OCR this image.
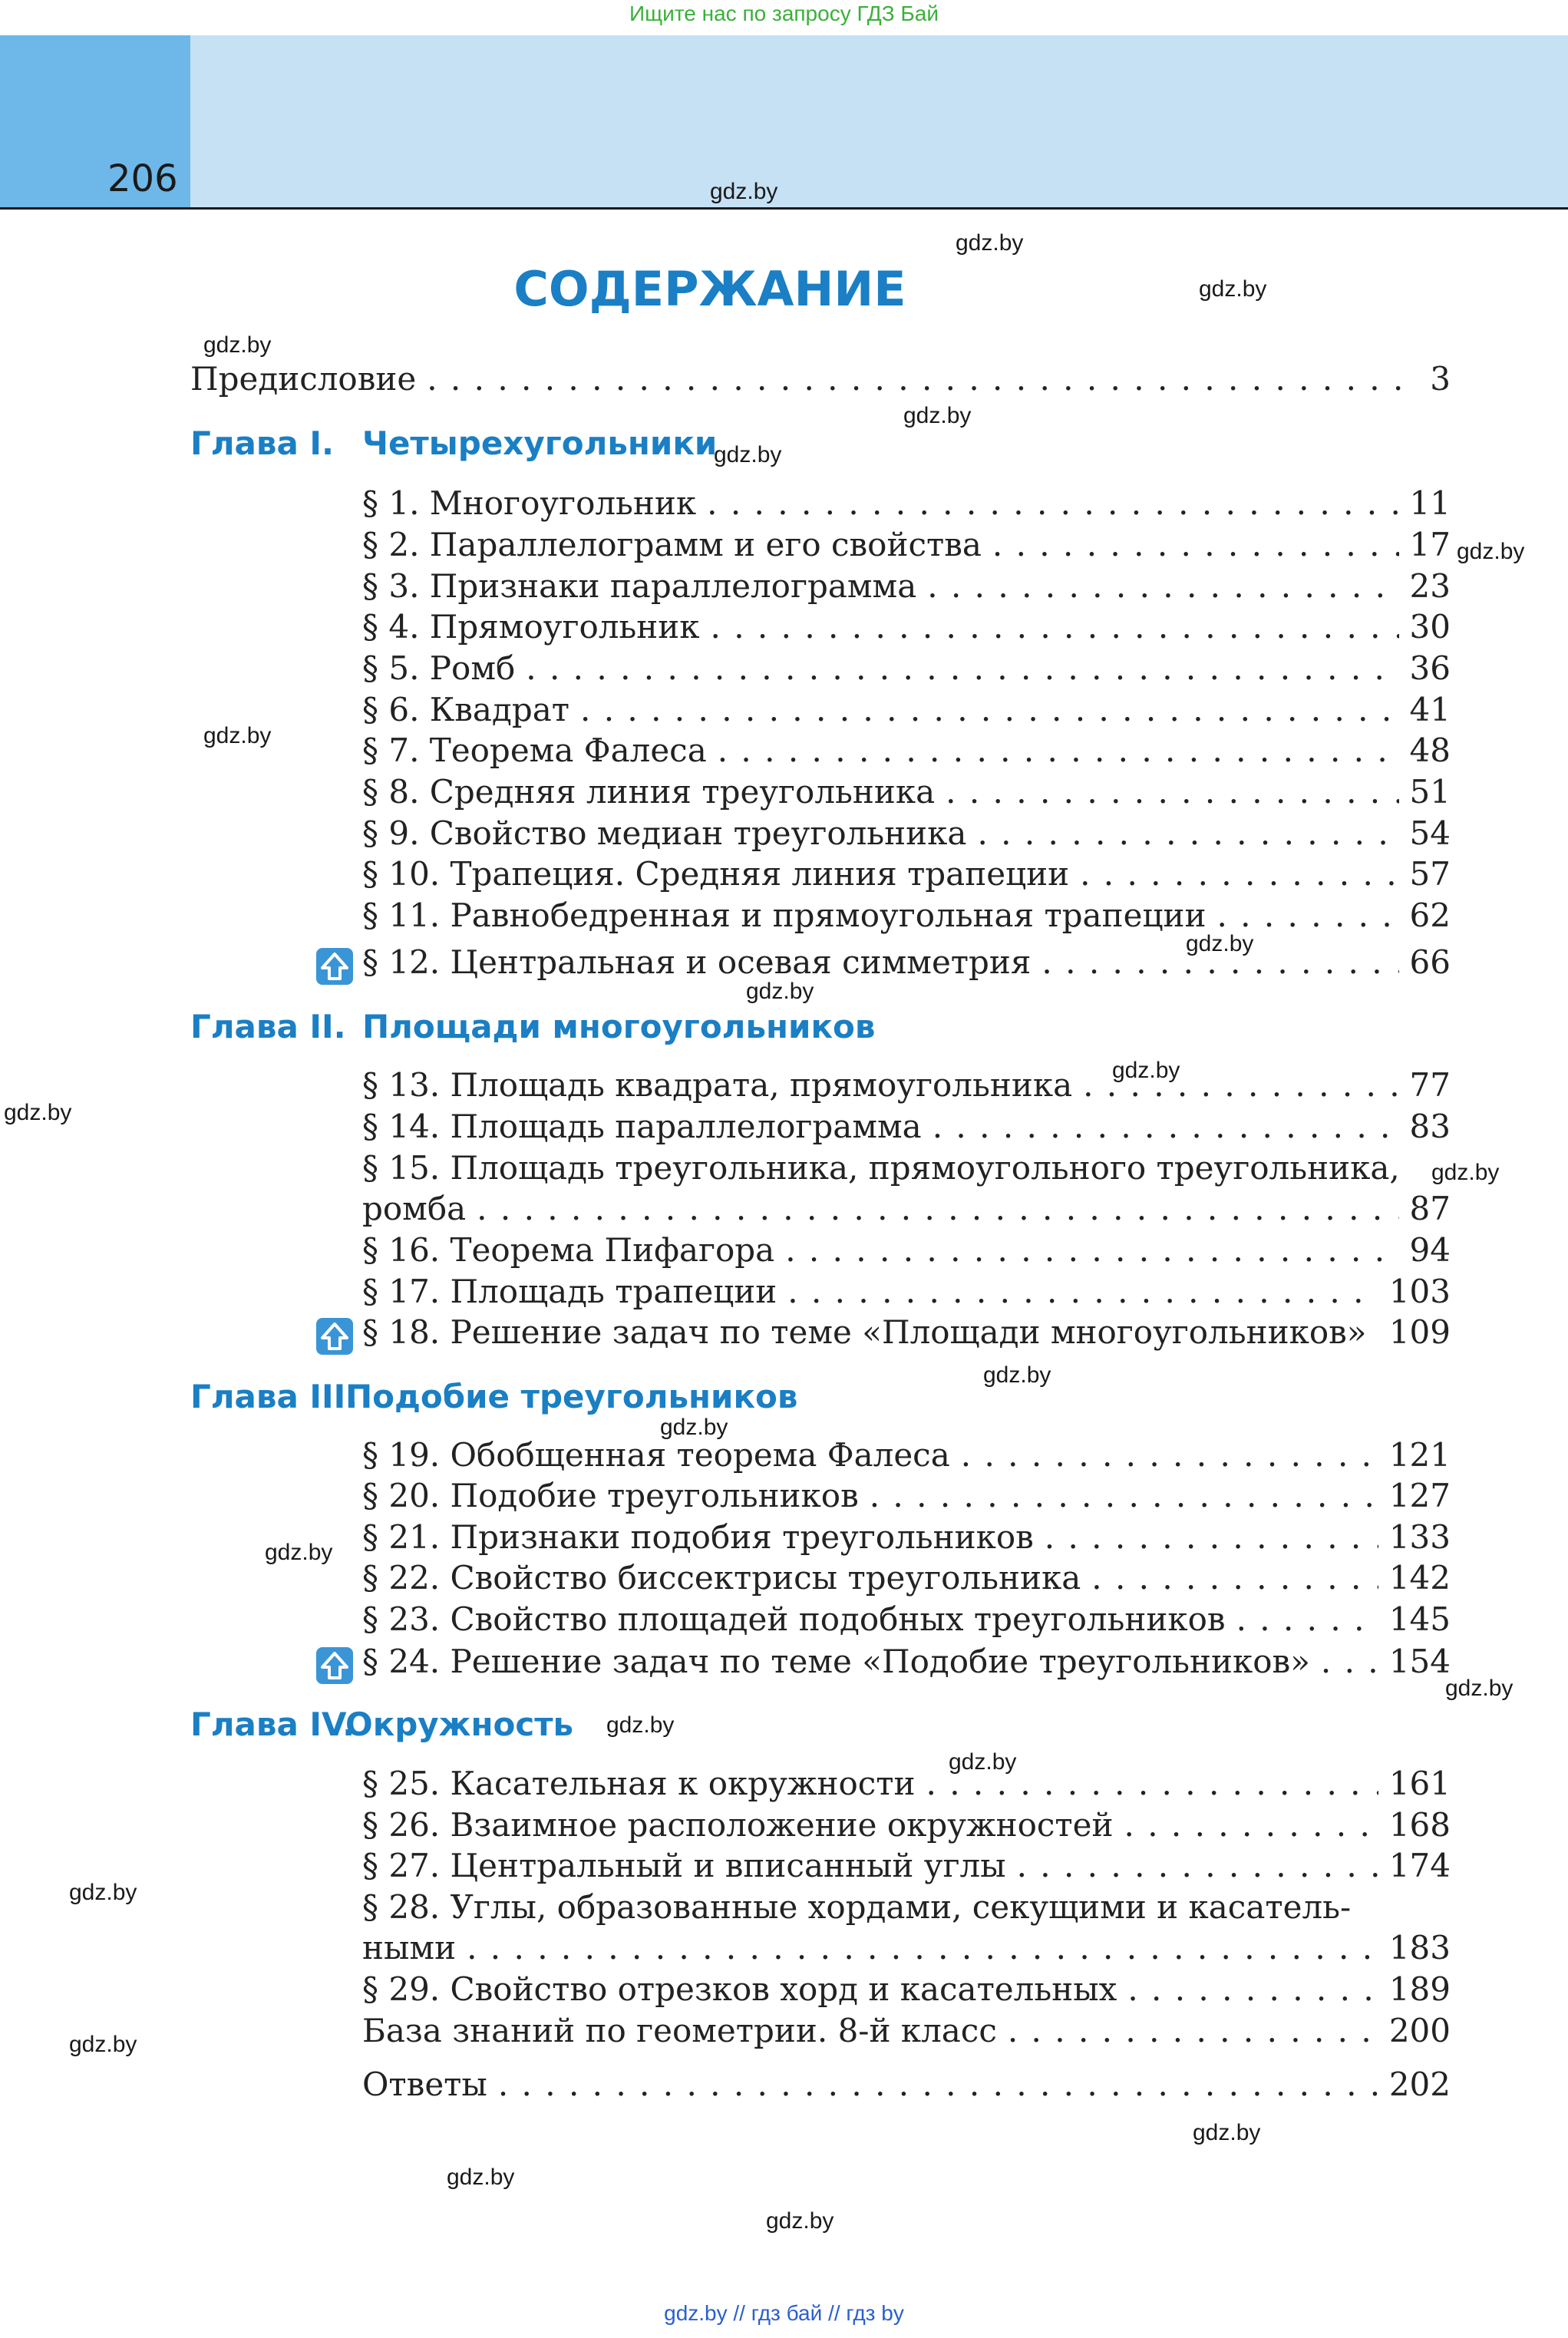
Ищите нас по запросу ГДЗ Бай
206
СОДЕРЖАНИЕ
Предисловие . . .	3
Глава I. Четырехугольники
§ 1. Многоугольник . . .	11
§ 2. Параллелограмм и его свойства . . .	17
§ 3. Признаки параллелограмма . . .	23
§ 4. Прямоугольник . . .	30
§ 5. Ромб . . .	36
§ 6. Квадрат . . .	41
§ 7. Теорема Фалеса . . .	48
§ 8. Средняя линия треугольника . . .	51
§ 9. Свойство медиан треугольника . . .	54
§ 10. Трапеция. Средняя линия трапеции . . .	57
§ 11. Равнобедренная и прямоугольная трапеции . . .	62
§ 12. Центральная и осевая симметрия . . .	66
Глава II. Площади многоугольников
§ 13. Площадь квадрата, прямоугольника . . .	77
§ 14. Площадь параллелограмма . . .	83
§ 15. Площадь треугольника, прямоугольного треугольника,
ромба . . .	87
§ 16. Теорема Пифагора . . .	94
§ 17. Площадь трапеции . . .	103
§ 18. Решение задач по теме «Площади многоугольников» . . . 109
Глава III.
Подобие треугольников
§ 19. Обобщенная теорема Фалеса . . .	121
§ 20. Подобие треугольников . . .	127
§ 21. Признаки подобия треугольников . . .	133
§ 22. Свойство биссектрисы треугольника . . .	142
§ 23. Свойство площадей подобных треугольников . . .	145
§ 24. Решение задач по теме «Подобие треугольников» . . . 154
Глава IV.
Окружность
§ 25. Касательная к окружности . . .	161
§ 26. Взаимное расположение окружностей . . .	168
§ 27. Центральный и вписанный углы . . .	174
§ 28. Углы, образованные хордами, секущими и касатель-
ными . . .	183
§ 29. Свойство отрезков хорд и касательных . . .	189
База знаний по геометрии. 8-й класс . . .	200
Ответы . . .	202
gdz.by
gdz.by
gdz.by
gdz.by
gdz.by
gdz.by
gdz.by
gdz.by
gdz.by
gdz.by
gdz.by
gdz.by
gdz.by
gdz.by
gdz.by
gdz.by
gdz.by
gdz.by
gdz.by
gdz.by
gdz.by
gdz.by
gdz.by
gdz.by
gdz.by // гдз бай // гдз by
